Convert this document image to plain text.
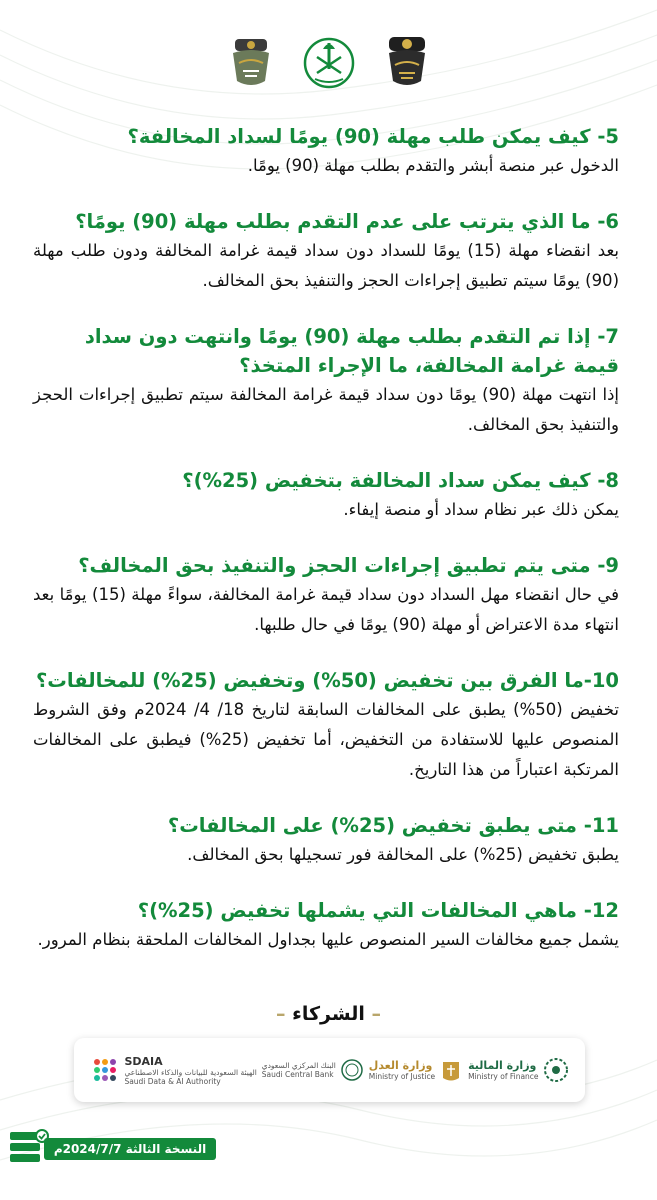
5- كيف يمكن طلب مهلة (90) يومًا لسداد المخالفة؟
الدخول عبر منصة أبشر والتقدم بطلب مهلة (90) يومًا.
6- ما الذي يترتب على عدم التقدم بطلب مهلة (90) يومًا؟
بعد انقضاء مهلة (15) يومًا للسداد دون سداد قيمة غرامة المخالفة ودون طلب مهلة (90) يومًا سيتم تطبيق إجراءات الحجز والتنفيذ بحق المخالف.
7- إذا تم التقدم بطلب مهلة (90) يومًا وانتهت دون سداد قيمة غرامة المخالفة، ما الإجراء المتخذ؟
إذا انتهت مهلة (90) يومًا دون سداد قيمة غرامة المخالفة سيتم تطبيق إجراءات الحجز والتنفيذ بحق المخالف.
8- كيف يمكن سداد المخالفة بتخفيض (25%)؟
يمكن ذلك عبر نظام سداد أو منصة إيفاء.
9- متى يتم تطبيق إجراءات الحجز والتنفيذ بحق المخالف؟
في حال انقضاء مهل السداد دون سداد قيمة غرامة المخالفة، سواءً مهلة (15) يومًا بعد انتهاء مدة الاعتراض أو مهلة (90) يومًا في حال طلبها.
10-ما الفرق بين تخفيض (50%) وتخفيض (25%) للمخالفات؟
تخفيض (50%) يطبق على المخالفات السابقة لتاريخ 18/ 4/ 2024م وفق الشروط المنصوص عليها للاستفادة من التخفيض، أما تخفيض (25%) فيطبق على المخالفات المرتكبة اعتباراً من هذا التاريخ.
11- متى يطبق تخفيض (25%) على المخالفات؟
يطبق تخفيض (25%) على المخالفة فور تسجيلها بحق المخالف.
12- ماهي المخالفات التي يشملها تخفيض (25%)؟
يشمل جميع مخالفات السير المنصوص عليها بجداول المخالفات الملحقة بنظام المرور.
– الشركاء –
SDAIA
الهيئة السعودية للبيانات والذكاء الاصطناعي
Saudi Data & AI Authority
البنك المركزي السعودي
Saudi Central Bank
وزارة العدل
Ministry of Justice
وزارة المالية
Ministry of Finance
النسخة الثالثة 2024/7/7م
